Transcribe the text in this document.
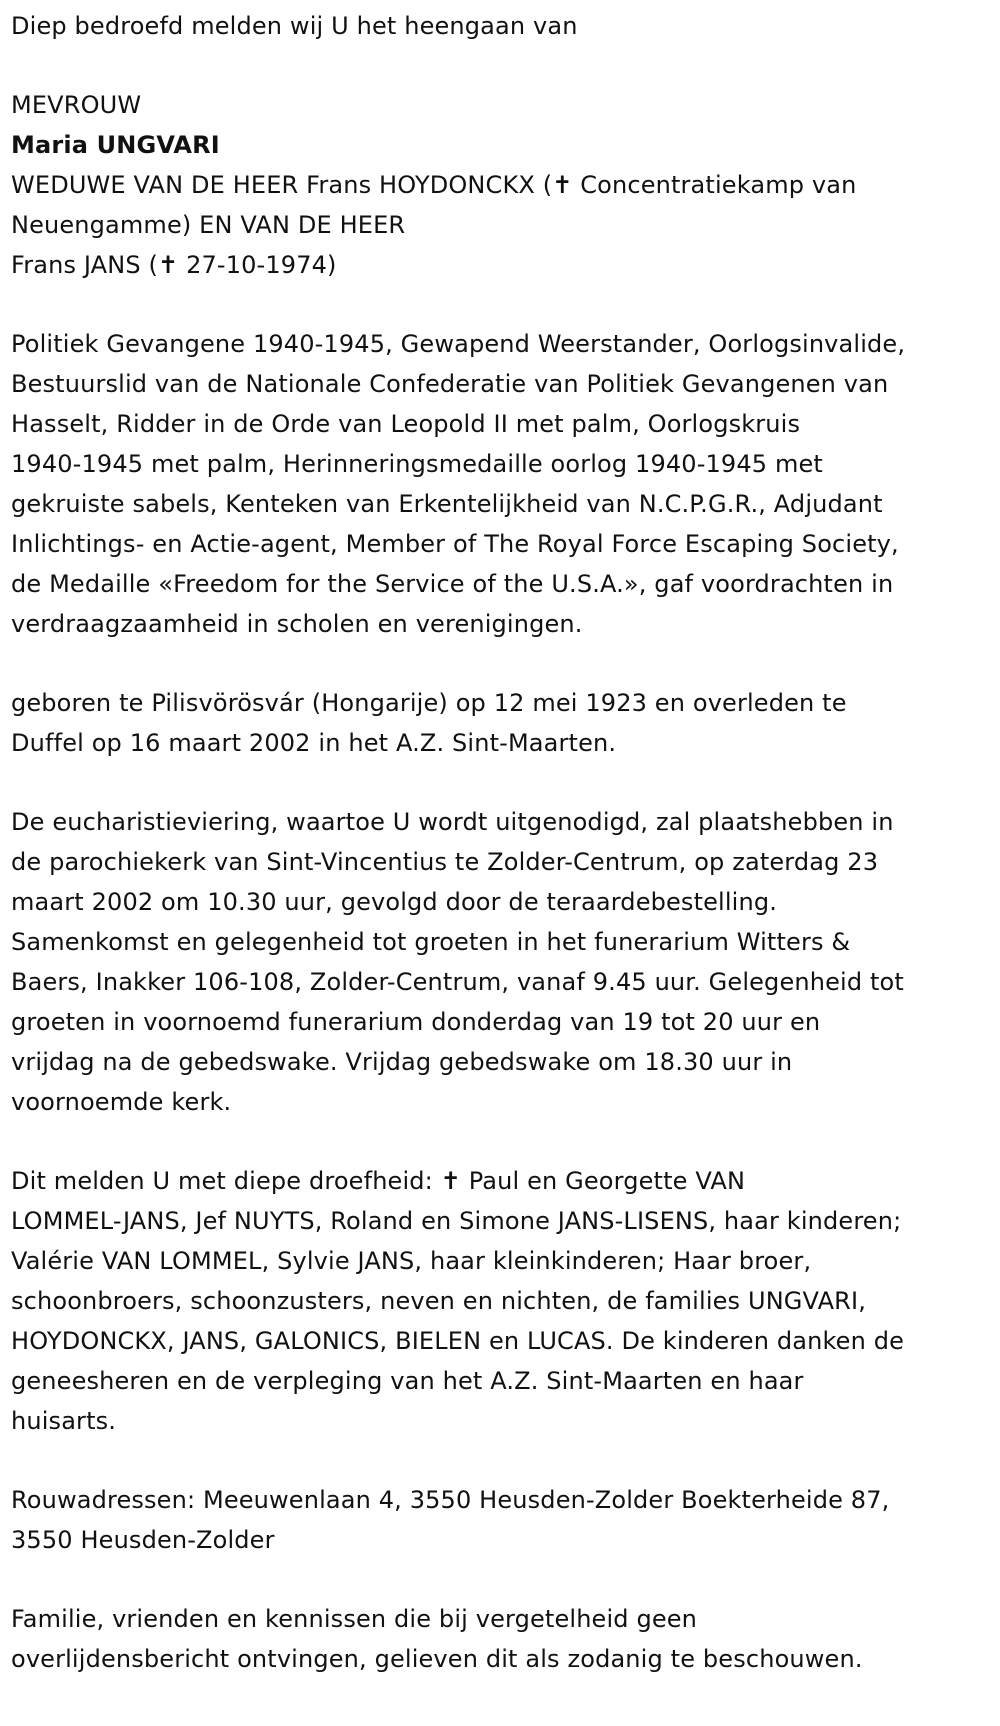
Diep bedroefd melden wij U het heengaan van

MEVROUW

Maria UNGVARI

WEDUWE VAN DE HEER Frans HOYDONCKX (✝ Concentratiekamp van

Neuengamme) EN VAN DE HEER

Frans JANS (✝ 27-10-1974)

Politiek Gevangene 1940-1945, Gewapend Weerstander, Oorlogsinvalide,

Bestuurslid van de Nationale Confederatie van Politiek Gevangenen van

Hasselt, Ridder in de Orde van Leopold II met palm, Oorlogskruis

1940-1945 met palm, Herinneringsmedaille oorlog 1940-1945 met

gekruiste sabels, Kenteken van Erkentelijkheid van N.C.P.G.R., Adjudant

Inlichtings- en Actie-agent, Member of The Royal Force Escaping Society,

de Medaille «Freedom for the Service of the U.S.A.», gaf voordrachten in

verdraagzaamheid in scholen en verenigingen.

geboren te Pilisvörösvár (Hongarije) op 12 mei 1923 en overleden te

Duffel op 16 maart 2002 in het A.Z. Sint-Maarten.

De eucharistieviering, waartoe U wordt uitgenodigd, zal plaatshebben in

de parochiekerk van Sint-Vincentius te Zolder-Centrum, op zaterdag 23

maart 2002 om 10.30 uur, gevolgd door de teraardebestelling.

Samenkomst en gelegenheid tot groeten in het funerarium Witters &

Baers, Inakker 106-108, Zolder-Centrum, vanaf 9.45 uur. Gelegenheid tot

groeten in voornoemd funerarium donderdag van 19 tot 20 uur en

vrijdag na de gebedswake. Vrijdag gebedswake om 18.30 uur in

voornoemde kerk.

Dit melden U met diepe droefheid: ✝ Paul en Georgette VAN

LOMMEL-JANS, Jef NUYTS, Roland en Simone JANS-LISENS, haar kinderen;

Valérie VAN LOMMEL, Sylvie JANS, haar kleinkinderen; Haar broer,

schoonbroers, schoonzusters, neven en nichten, de families UNGVARI,

HOYDONCKX, JANS, GALONICS, BIELEN en LUCAS. De kinderen danken de

geneesheren en de verpleging van het A.Z. Sint-Maarten en haar

huisarts.

Rouwadressen: Meeuwenlaan 4, 3550 Heusden-Zolder Boekterheide 87,

3550 Heusden-Zolder

Familie, vrienden en kennissen die bij vergetelheid geen

overlijdensbericht ontvingen, gelieven dit als zodanig te beschouwen.
